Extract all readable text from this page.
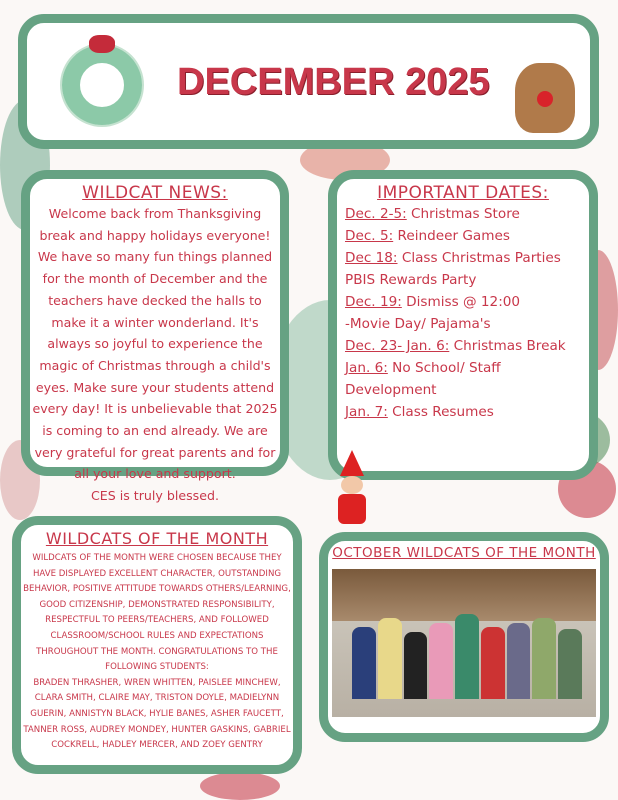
DECEMBER 2025
WILDCAT NEWS:
Welcome back from Thanksgiving break and happy holidays everyone! We have so many fun things planned for the month of December and the teachers have decked the halls to make it a winter wonderland. It's always so joyful to experience the magic of Christmas through a child's eyes. Make sure your students attend every day! It is unbelievable that 2025 is coming to an end already. We are very grateful for great parents and for all your love and support.
CES is truly blessed.
IMPORTANT DATES:
Dec. 2-5: Christmas Store
Dec. 5: Reindeer Games
Dec 18: Class Christmas Parties
PBIS Rewards Party
Dec. 19: Dismiss @ 12:00
-Movie Day/ Pajama's
Dec. 23- Jan. 6: Christmas Break
Jan. 6: No School/ Staff
Development
Jan. 7: Class Resumes
WILDCATS OF THE MONTH
WILDCATS OF THE MONTH WERE CHOSEN BECAUSE THEY HAVE DISPLAYED EXCELLENT CHARACTER, OUTSTANDING BEHAVIOR, POSITIVE ATTITUDE TOWARDS OTHERS/LEARNING, GOOD CITIZENSHIP, DEMONSTRATED RESPONSIBILITY, RESPECTFUL TO PEERS/TEACHERS, AND FOLLOWED CLASSROOM/SCHOOL RULES AND EXPECTATIONS THROUGHOUT THE MONTH. CONGRATULATIONS TO THE FOLLOWING STUDENTS:
BRADEN THRASHER, WREN WHITTEN, PAISLEE MINCHEW, CLARA SMITH, CLAIRE MAY, TRISTON DOYLE, MADIELYNN GUERIN, ANNISTYN BLACK, HYLIE BANES, ASHER FAUCETT, TANNER ROSS, AUDREY MONDEY, HUNTER GASKINS, GABRIEL COCKRELL, HADLEY MERCER, AND ZOEY GENTRY
OCTOBER WILDCATS OF THE MONTH
